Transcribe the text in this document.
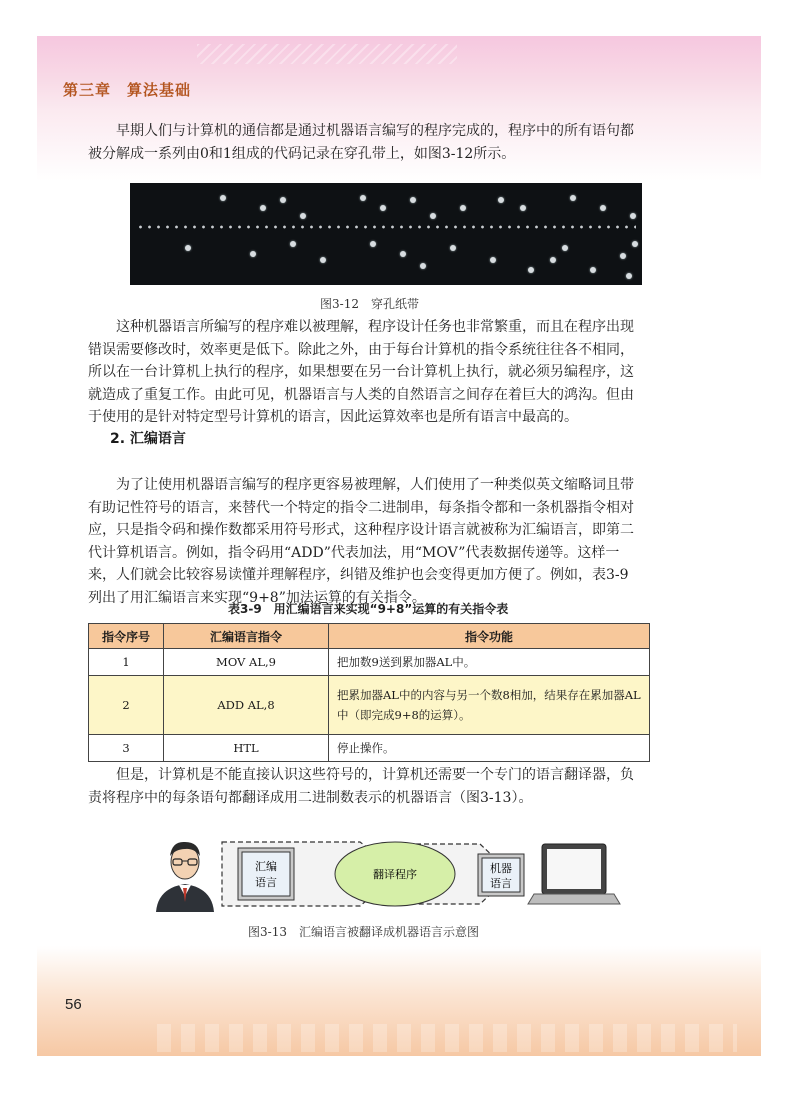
第三章　算法基础
56
早期人们与计算机的通信都是通过机器语言编写的程序完成的，程序中的所有语句都
被分解成一系列由0和1组成的代码记录在穿孔带上，如图3-12所示。
图3-12　穿孔纸带
这种机器语言所编写的程序难以被理解，程序设计任务也非常繁重，而且在程序出现
错误需要修改时，效率更是低下。除此之外，由于每台计算机的指令系统往往各不相同，
所以在一台计算机上执行的程序，如果想要在另一台计算机上执行，就必须另编程序，这
就造成了重复工作。由此可见，机器语言与人类的自然语言之间存在着巨大的鸿沟。但由
于使用的是针对特定型号计算机的语言，因此运算效率也是所有语言中最高的。
2. 汇编语言
为了让使用机器语言编写的程序更容易被理解，人们使用了一种类似英文缩略词且带
有助记性符号的语言，来替代一个特定的指令二进制串，每条指令都和一条机器指令相对
应，只是指令码和操作数都采用符号形式，这种程序设计语言就被称为汇编语言，即第二
代计算机语言。例如，指令码用“ADD”代表加法，用“MOV”代表数据传递等。这样一
来，人们就会比较容易读懂并理解程序，纠错及维护也会变得更加方便了。例如，表3-9
列出了用汇编语言来实现“9+8”加法运算的有关指令。
表3-9　用汇编语言来实现“9+8”运算的有关指令表
指令序号	汇编语言指令	指令功能
1	MOV AL,9	把加数9送到累加器AL中。
2	ADD AL,8	把累加器AL中的内容与另一个数8相加，结果存在累加器AL中（即完成9+8的运算）。
3	HTL	停止操作。
但是，计算机是不能直接认识这些符号的，计算机还需要一个专门的语言翻译器，负
责将程序中的每条语句都翻译成用二进制数表示的机器语言（图3-13）。
汇编
语言
翻译程序	机器
语言
图3-13　汇编语言被翻译成机器语言示意图
